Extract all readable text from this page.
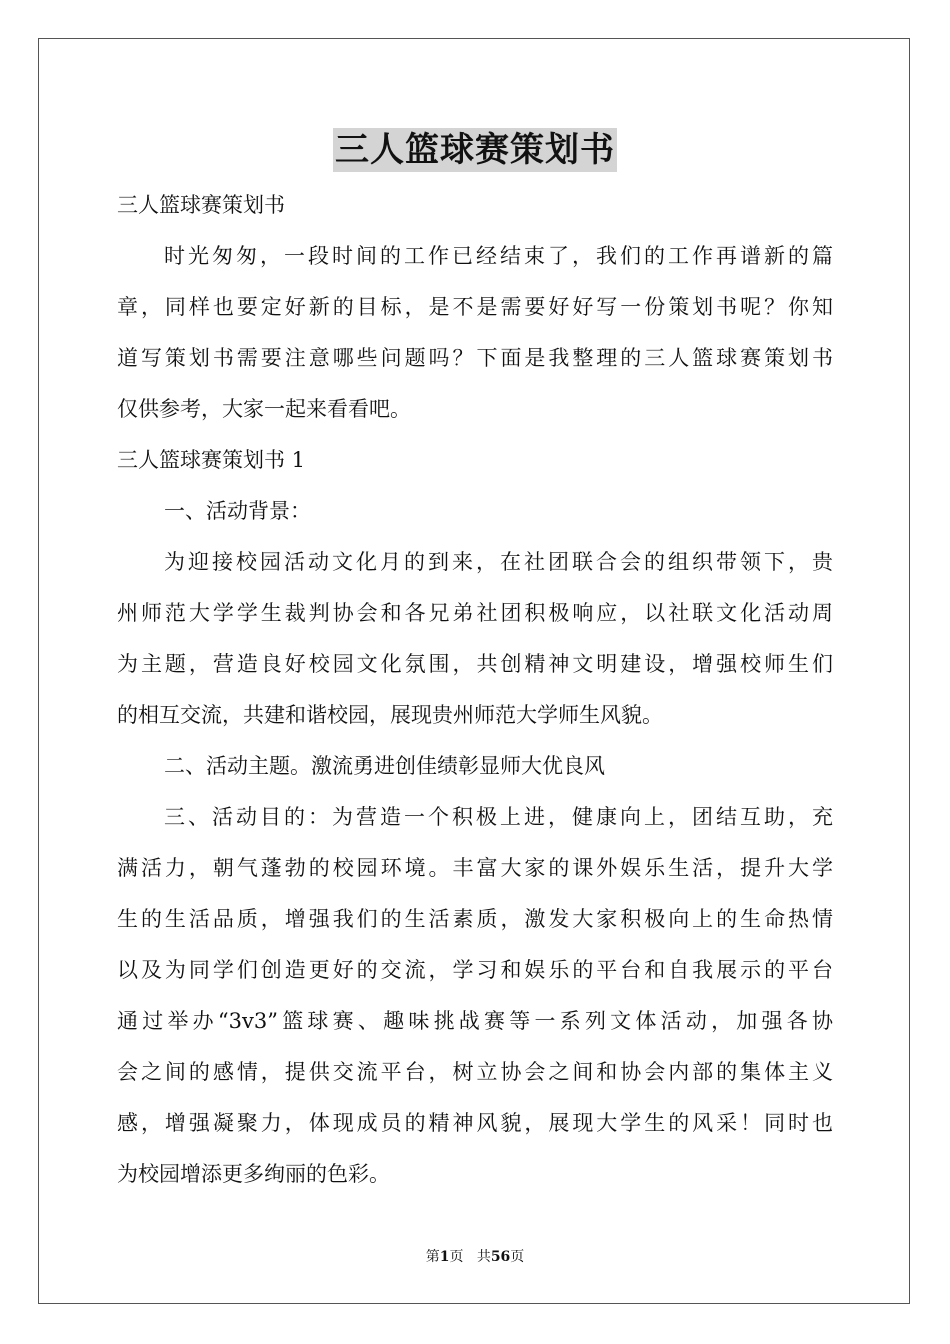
三人篮球赛策划书
三人篮球赛策划书
时光匆匆，一段时间的工作已经结束了，我们的工作再谱新的篇
章，同样也要定好新的目标，是不是需要好好写一份策划书呢？你知
道写策划书需要注意哪些问题吗？下面是我整理的三人篮球赛策划书
仅供参考，大家一起来看看吧。
三人篮球赛策划书 1
一、活动背景：
为迎接校园活动文化月的到来，在社团联合会的组织带领下，贵
州师范大学学生裁判协会和各兄弟社团积极响应，以社联文化活动周
为主题，营造良好校园文化氛围，共创精神文明建设，增强校师生们
的相互交流，共建和谐校园，展现贵州师范大学师生风貌。
二、活动主题。激流勇进创佳绩彰显师大优良风
三、活动目的：为营造一个积极上进，健康向上，团结互助，充
满活力，朝气蓬勃的校园环境。丰富大家的课外娱乐生活，提升大学
生的生活品质，增强我们的生活素质，激发大家积极向上的生命热情
以及为同学们创造更好的交流，学习和娱乐的平台和自我展示的平台
通过举办“3v3”篮球赛、趣味挑战赛等一系列文体活动，加强各协
会之间的感情，提供交流平台，树立协会之间和协会内部的集体主义
感，增强凝聚力，体现成员的精神风貌，展现大学生的风采！同时也
为校园增添更多绚丽的色彩。
第1页 共56页
